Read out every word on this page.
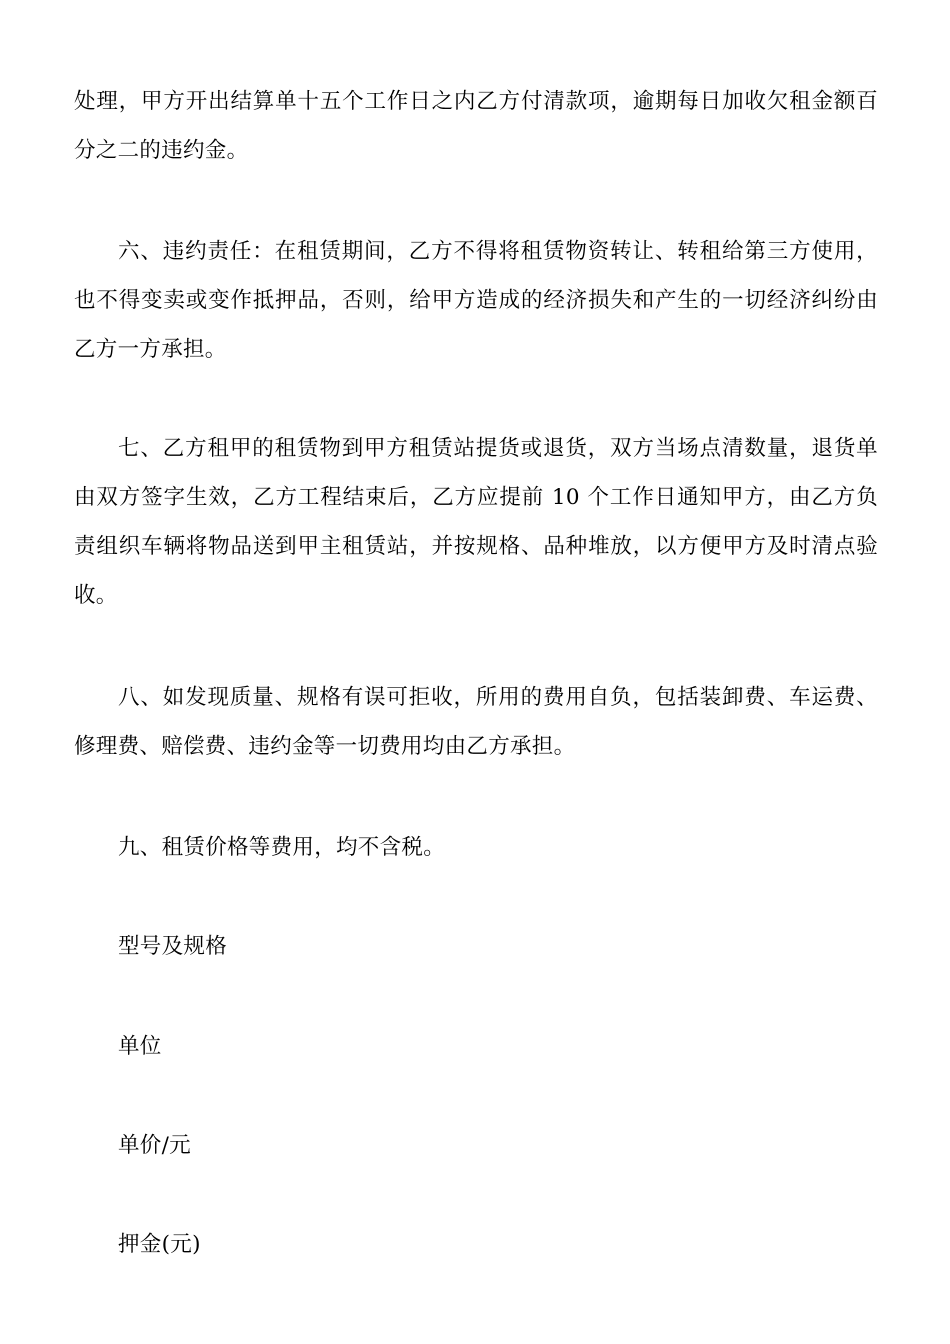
处理，甲方开出结算单十五个工作日之内乙方付清款项，逾期每日加收欠租金额百分之二的违约金。

六、违约责任：在租赁期间，乙方不得将租赁物资转让、转租给第三方使用，也不得变卖或变作抵押品，否则，给甲方造成的经济损失和产生的一切经济纠纷由乙方一方承担。

七、乙方租甲的租赁物到甲方租赁站提货或退货，双方当场点清数量，退货单由双方签字生效，乙方工程结束后，乙方应提前 10 个工作日通知甲方，由乙方负责组织车辆将物品送到甲主租赁站，并按规格、品种堆放，以方便甲方及时清点验收。

八、如发现质量、规格有误可拒收，所用的费用自负，包括装卸费、车运费、修理费、赔偿费、违约金等一切费用均由乙方承担。

九、租赁价格等费用，均不含税。

型号及规格

单位

单价/元

押金(元)
